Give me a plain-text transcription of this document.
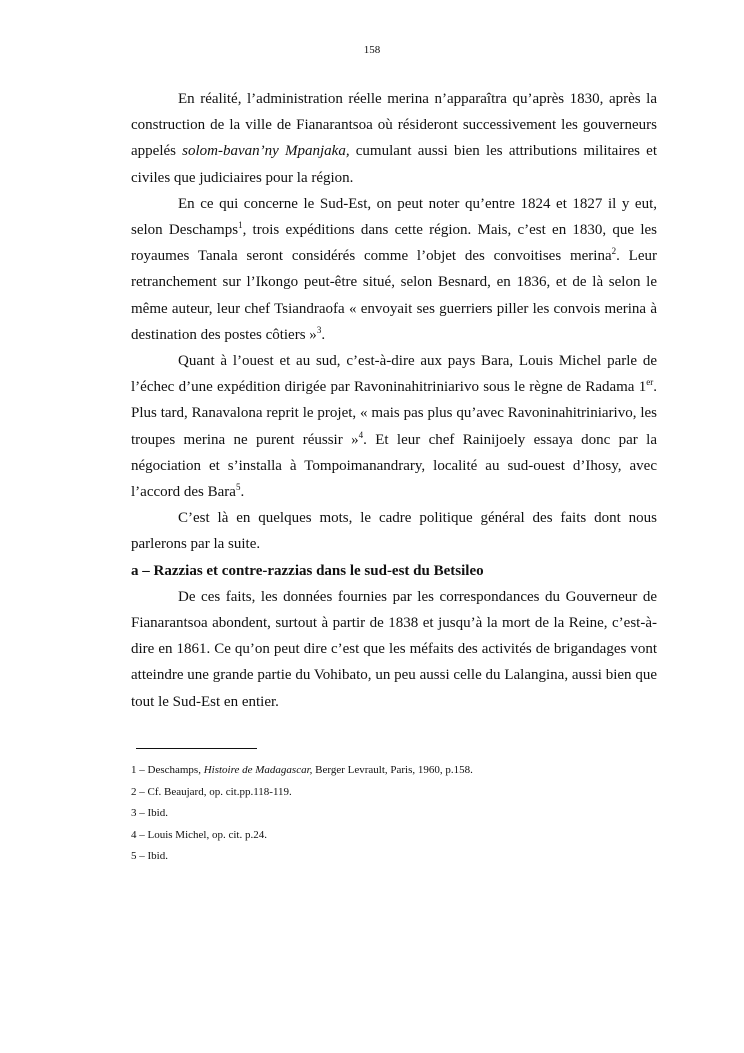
158

En réalité, l’administration réelle merina n’apparaîtra qu’après 1830, après la construction de la ville de Fianarantsoa où résideront successivement les gouverneurs appelés solom-bavan’ny Mpanjaka, cumulant aussi bien les attributions militaires et civiles que judiciaires pour la région.

En ce qui concerne le Sud-Est, on peut noter qu’entre 1824 et 1827 il y eut, selon Deschamps$^1$, trois expéditions dans cette région. Mais, c’est en 1830, que les royaumes Tanala seront considérés comme l’objet des convoitises merina$^2$. Leur retranchement sur l’Ikongo peut-être situé, selon Besnard, en 1836, et de là selon le même auteur, leur chef Tsiandraofa « envoyait ses guerriers piller les convois merina à destination des postes côtiers »$^3$.

Quant à l’ouest et au sud, c’est-à-dire aux pays Bara, Louis Michel parle de l’échec d’une expédition dirigée par Ravoninahitriniarivo sous le règne de Radama 1er. Plus tard, Ranavalona reprit le projet, « mais pas plus qu’avec Ravoninahitriniarivo, les troupes merina ne purent réussir »$^4$. Et leur chef Rainijoely essaya donc par la négociation et s’installa à Tompoimanandrary, localité au sud-ouest d’Ihosy, avec l’accord des Bara$^5$.

C’est là en quelques mots, le cadre politique général des faits dont nous parlerons par la suite.

a – Razzias et contre-razzias dans le sud-est du Betsileo

De ces faits, les données fournies par les correspondances du Gouverneur de Fianarantsoa abondent, surtout à partir de 1838 et jusqu’à la mort de la Reine, c’est-à-dire en 1861. Ce qu’on peut dire c’est que les méfaits des activités de brigandages vont atteindre une grande partie du Vohibato, un peu aussi celle du Lalangina, aussi bien que tout le Sud-Est en entier.

1 – Deschamps, Histoire de Madagascar, Berger Levrault, Paris, 1960, p.158.
2 – Cf. Beaujard, op. cit.pp.118-119.
3 – Ibid.
4 – Louis Michel, op. cit. p.24.
5 – Ibid.
